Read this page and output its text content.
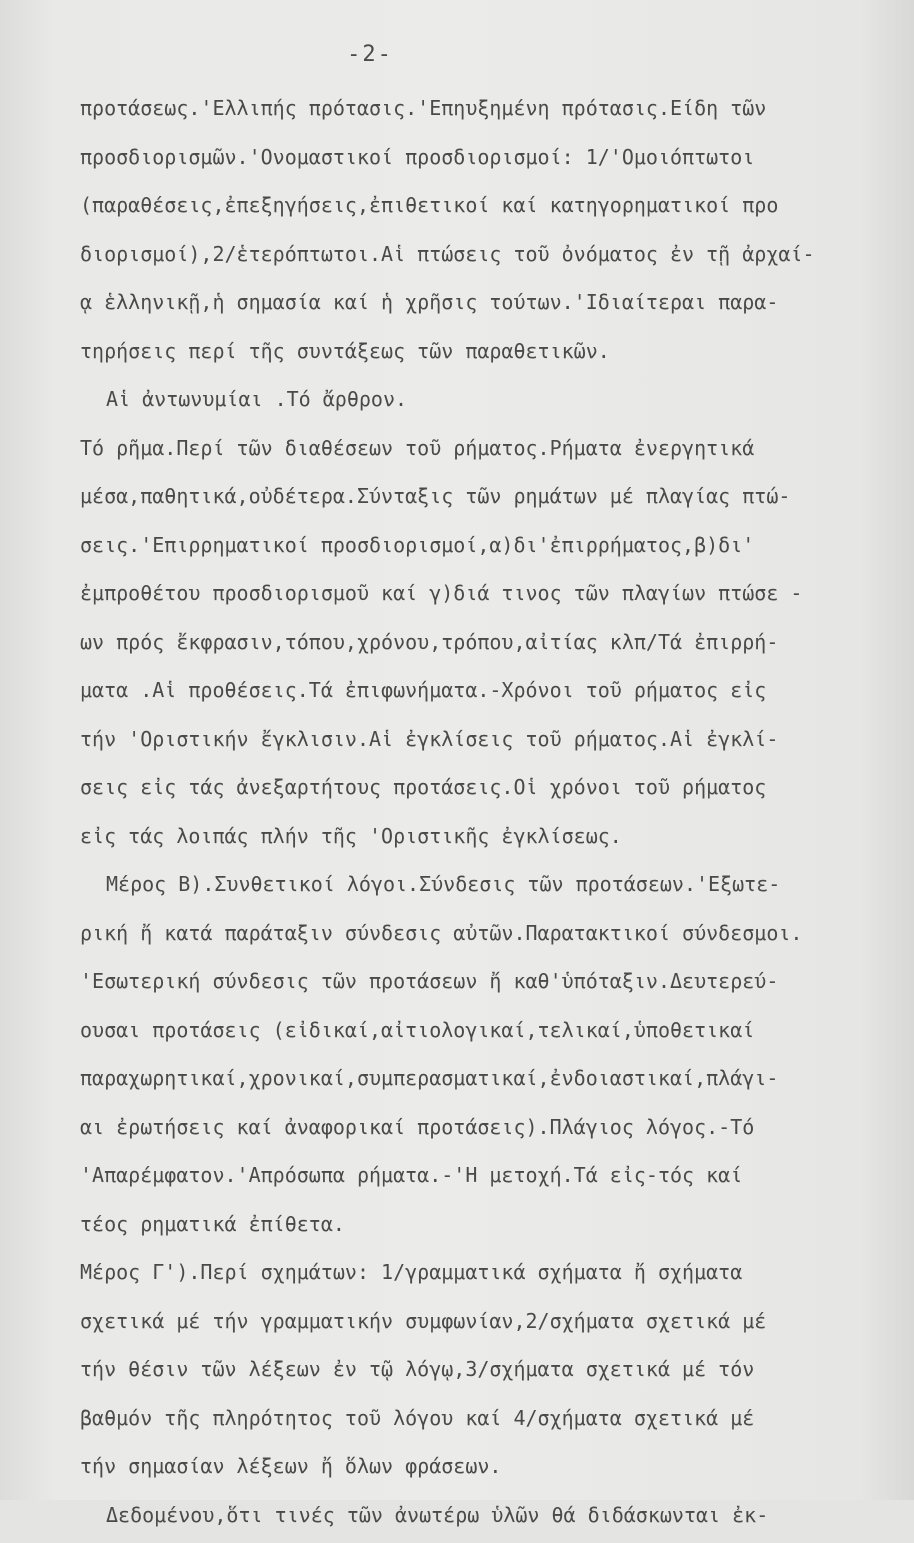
-2-
προτάσεως.'Ελλιπής πρότασις.'Επηυξημένη πρότασις.Είδη τῶν
προσδιορισμῶν.'Ονομαστικοί προσδιορισμοί: 1/'Ομοιόπτωτοι
(παραθέσεις,ἐπεξηγήσεις,ἐπιθετικοί καί κατηγορηματικοί προ
διορισμοί),2/ἑτερόπτωτοι.Αἱ πτώσεις τοῦ ὀνόματος ἐν τῇ ἀρχαί-
ᾳ ἑλληνικῇ,ἡ σημασία καί ἡ χρῆσις τούτων.'Ιδιαίτεραι παρα-
τηρήσεις περί τῆς συντάξεως τῶν παραθετικῶν.
Αἱ ἀντωνυμίαι .Τό ἄρθρον.
Τό ρῆμα.Περί τῶν διαθέσεων τοῦ ρήματος.Ρήματα ἐνεργητικά
μέσα,παθητικά,οὐδέτερα.Σύνταξις τῶν ρημάτων μέ πλαγίας πτώ-
σεις.'Επιρρηματικοί προσδιορισμοί,α)δι'ἐπιρρήματος,β)δι'
ἐμπροθέτου προσδιορισμοῦ καί γ)διά τινος τῶν πλαγίων πτώσε -
ων πρός ἔκφρασιν,τόπου,χρόνου,τρόπου,αἰτίας κλπ/Τά ἐπιρρή-
ματα .Αἱ προθέσεις.Τά ἐπιφωνήματα.-Χρόνοι τοῦ ρήματος εἰς
τήν 'Οριστικήν ἔγκλισιν.Αἱ ἐγκλίσεις τοῦ ρήματος.Αἱ ἐγκλί-
σεις εἰς τάς ἀνεξαρτήτους προτάσεις.Οἱ χρόνοι τοῦ ρήματος
εἰς τάς λοιπάς πλήν τῆς 'Οριστικῆς ἐγκλίσεως.
Μέρος Β).Συνθετικοί λόγοι.Σύνδεσις τῶν προτάσεων.'Εξωτε-
ρική ἤ κατά παράταξιν σύνδεσις αὐτῶν.Παρατακτικοί σύνδεσμοι.
'Εσωτερική σύνδεσις τῶν προτάσεων ἤ καθ'ὑπόταξιν.Δευτερεύ-
ουσαι προτάσεις (εἰδικαί,αἰτιολογικαί,τελικαί,ὑποθετικαί
παραχωρητικαί,χρονικαί,συμπερασματικαί,ἐνδοιαστικαί,πλάγι-
αι ἐρωτήσεις καί ἀναφορικαί προτάσεις).Πλάγιος λόγος.-Τό
'Απαρέμφατον.'Απρόσωπα ρήματα.-'Η μετοχή.Τά εἰς-τός καί
τέος ρηματικά ἐπίθετα.
Μέρος Γ').Περί σχημάτων: 1/γραμματικά σχήματα ἤ σχήματα
σχετικά μέ τήν γραμματικήν συμφωνίαν,2/σχήματα σχετικά μέ
τήν θέσιν τῶν λέξεων ἐν τῷ λόγῳ,3/σχήματα σχετικά μέ τόν
βαθμόν τῆς πληρότητος τοῦ λόγου καί 4/σχήματα σχετικά μέ
τήν σημασίαν λέξεων ἤ ὅλων φράσεων.
Δεδομένου,ὅτι τινές τῶν ἀνωτέρω ὑλῶν θά διδάσκωνται ἐκ-
